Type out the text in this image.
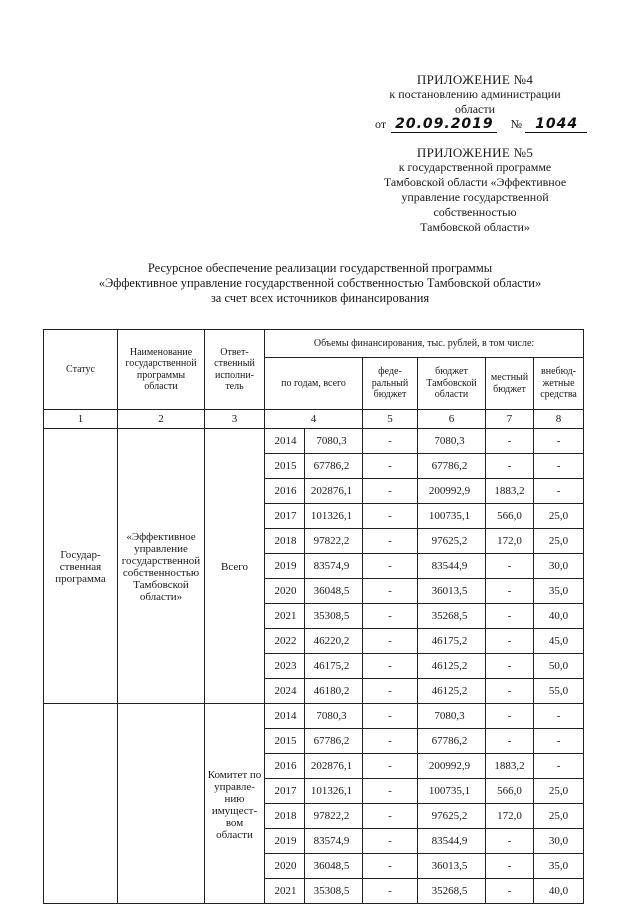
ПРИЛОЖЕНИЕ №4
к постановлению администрации
области
от 20.09.2019 № 1044
ПРИЛОЖЕНИЕ №5
к государственной программе
Тамбовской области «Эффективное
управление государственной
собственностью
Тамбовской области»
Ресурсное обеспечение реализации государственной программы
«Эффективное управление государственной собственностью Тамбовской области»
за счет всех источников финансирования
Статус	Наименование государственной программы области	Ответ-ственный исполни-тель	Объемы финансирования, тыс. рублей, в том числе:					
			по годам, всего		феде-ральный бюджет	бюджет Тамбовской области	местный бюджет	внебюд-жетные средства
1	2	3	4		5	6	7	8
Государ-ственная программа	«Эффективное управление государственной собственностью Тамбовской области»	Всего	2014	7080,3	-	7080,3	-	-
			2015	67786,2	-	67786,2	-	-
			2016	202876,1	-	200992,9	1883,2	-
			2017	101326,1	-	100735,1	566,0	25,0
			2018	97822,2	-	97625,2	172,0	25,0
			2019	83574,9	-	83544,9	-	30,0
			2020	36048,5	-	36013,5	-	35,0
			2021	35308,5	-	35268,5	-	40,0
			2022	46220,2	-	46175,2	-	45,0
			2023	46175,2	-	46125,2	-	50,0
			2024	46180,2	-	46125,2	-	55,0
		Комитет по управле-нию имущест-вом области	2014	7080,3	-	7080,3	-	-
			2015	67786,2	-	67786,2	-	-
			2016	202876,1	-	200992,9	1883,2	-
			2017	101326,1	-	100735,1	566,0	25,0
			2018	97822,2	-	97625,2	172,0	25,0
			2019	83574,9	-	83544,9	-	30,0
			2020	36048,5	-	36013,5	-	35,0
			2021	35308,5	-	35268,5	-	40,0
